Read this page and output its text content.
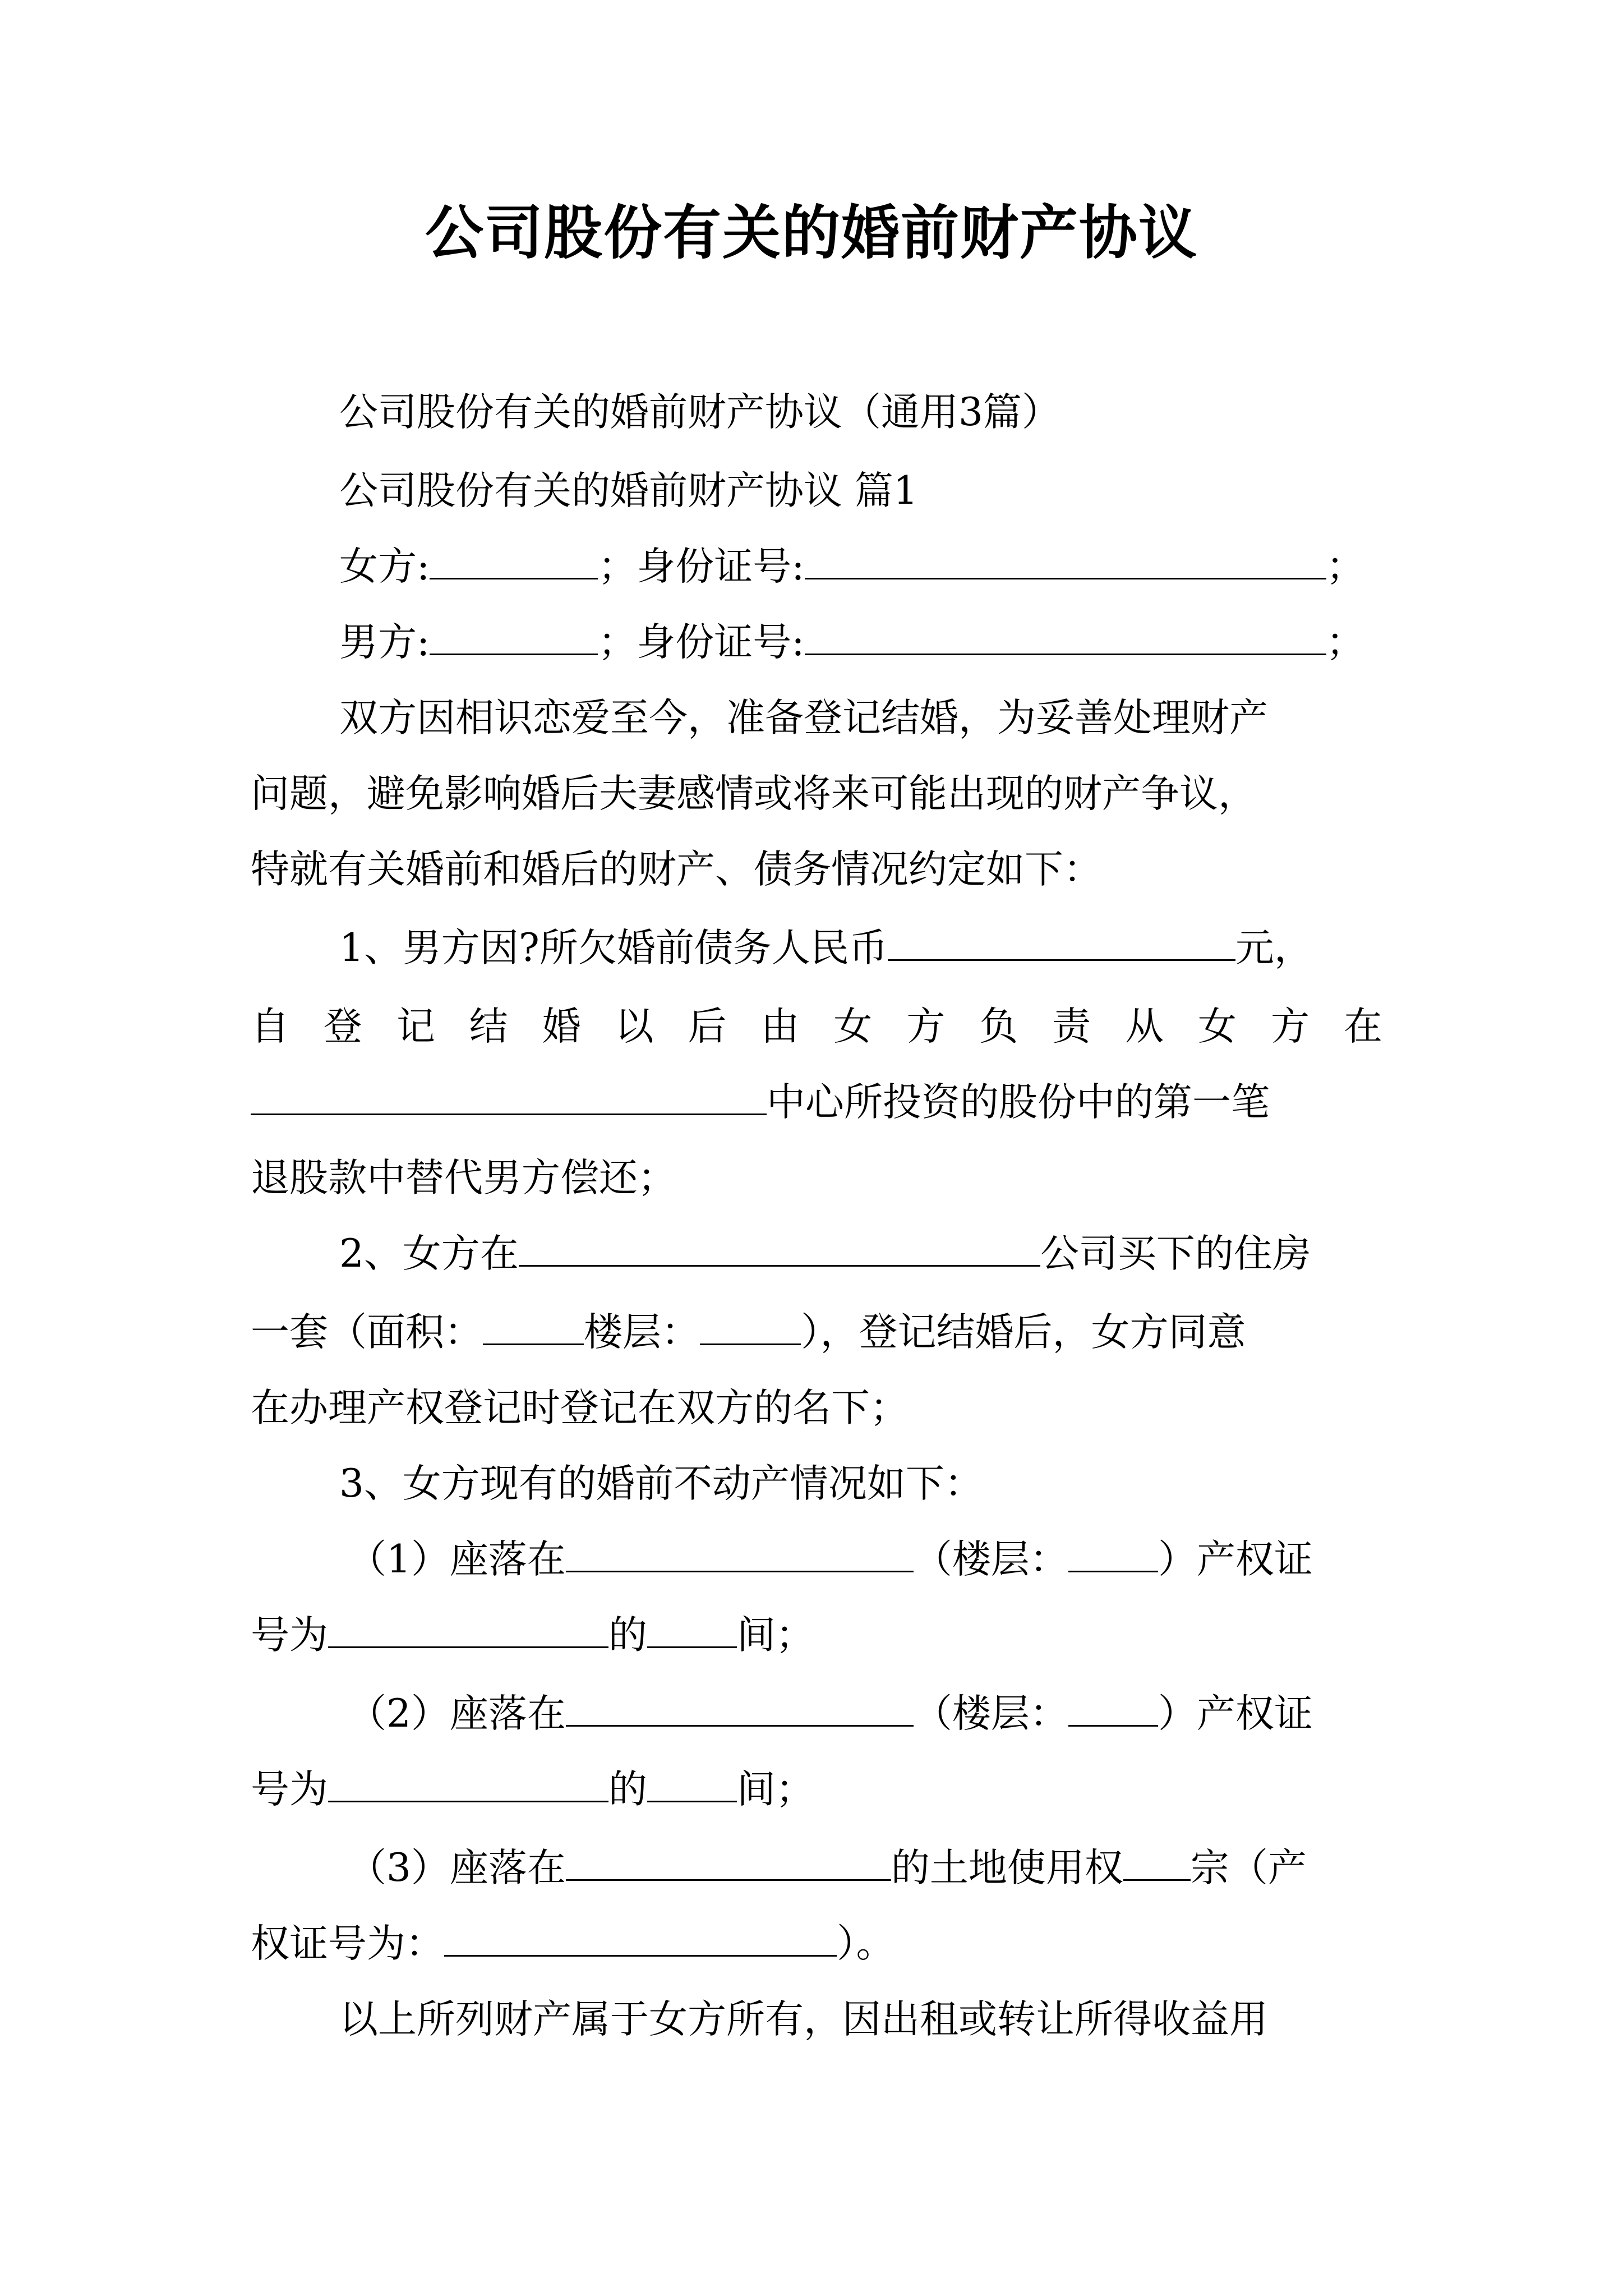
公司股份有关的婚前财产协议
公司股份有关的婚前财产协议（通用3篇）
公司股份有关的婚前财产协议 篇1
女方:	；身份证号:	；
男方:	；身份证号:	；
双方因相识恋爱至今，准备登记结婚，为妥善处理财产
问题，避免影响婚后夫妻感情或将来可能出现的财产争议，
特就有关婚前和婚后的财产、债务情况约定如下：
1、男方因?所欠婚前债务人民币	元，
自 登 记 结 婚 以 后 由 女 方 负 责 从 女 方 在
中心所投资的股份中的第一笔
退股款中替代男方偿还；
2、女方在	公司买下的住房
一套（面积：	楼层：	），登记结婚后，女方同意
在办理产权登记时登记在双方的名下；
3、女方现有的婚前不动产情况如下：
（1）座落在	（楼层： ）产权证
号为	的 间；
（2）座落在	（楼层： ）产权证
号为	的 间；
（3）座落在	的土地使用权 宗（产
权证号为：	）。
以上所列财产属于女方所有，因出租或转让所得收益用
